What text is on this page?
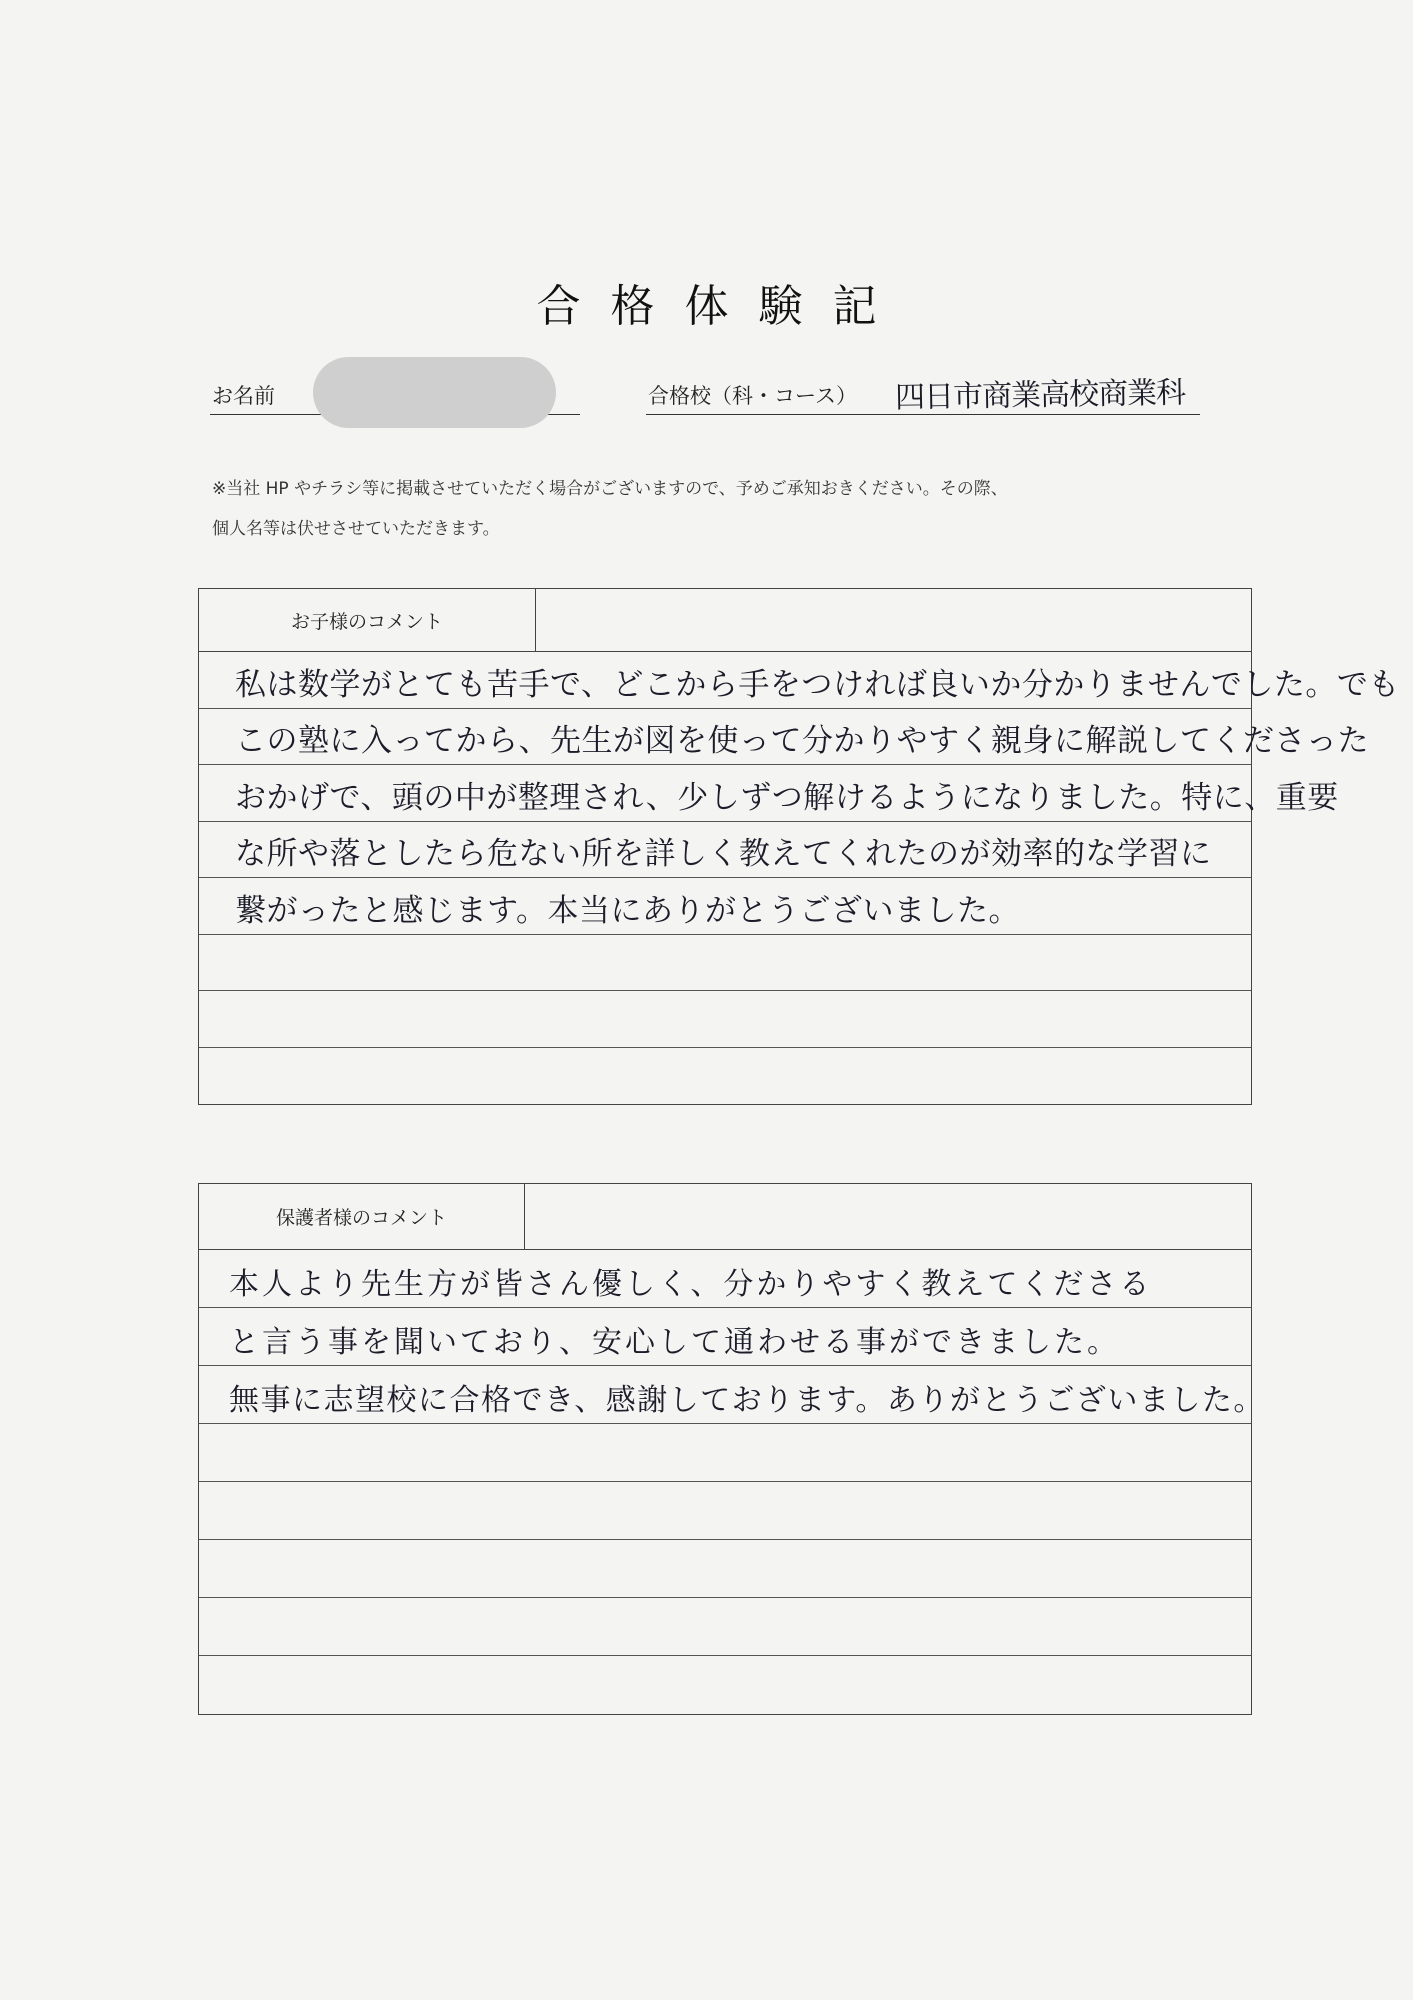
合格体験記
お名前	合格校（科・コース） 四日市商業高校商業科
※当社 HP やチラシ等に掲載させていただく場合がございますので、予めご承知おきください。その際、
個人名等は伏せさせていただきます。
お子様のコメント
私は数学がとても苦手で、どこから手をつければ良いか分かりませんでした。でも
この塾に入ってから、先生が図を使って分かりやすく親身に解説してくださった
おかげで、頭の中が整理され、少しずつ解けるようになりました。特に、重要
な所や落としたら危ない所を詳しく教えてくれたのが効率的な学習に
繋がったと感じます。本当にありがとうございました。
保護者様のコメント
本人より先生方が皆さん優しく、分かりやすく教えてくださる
と言う事を聞いており、安心して通わせる事ができました。
無事に志望校に合格でき、感謝しております。ありがとうございました。
